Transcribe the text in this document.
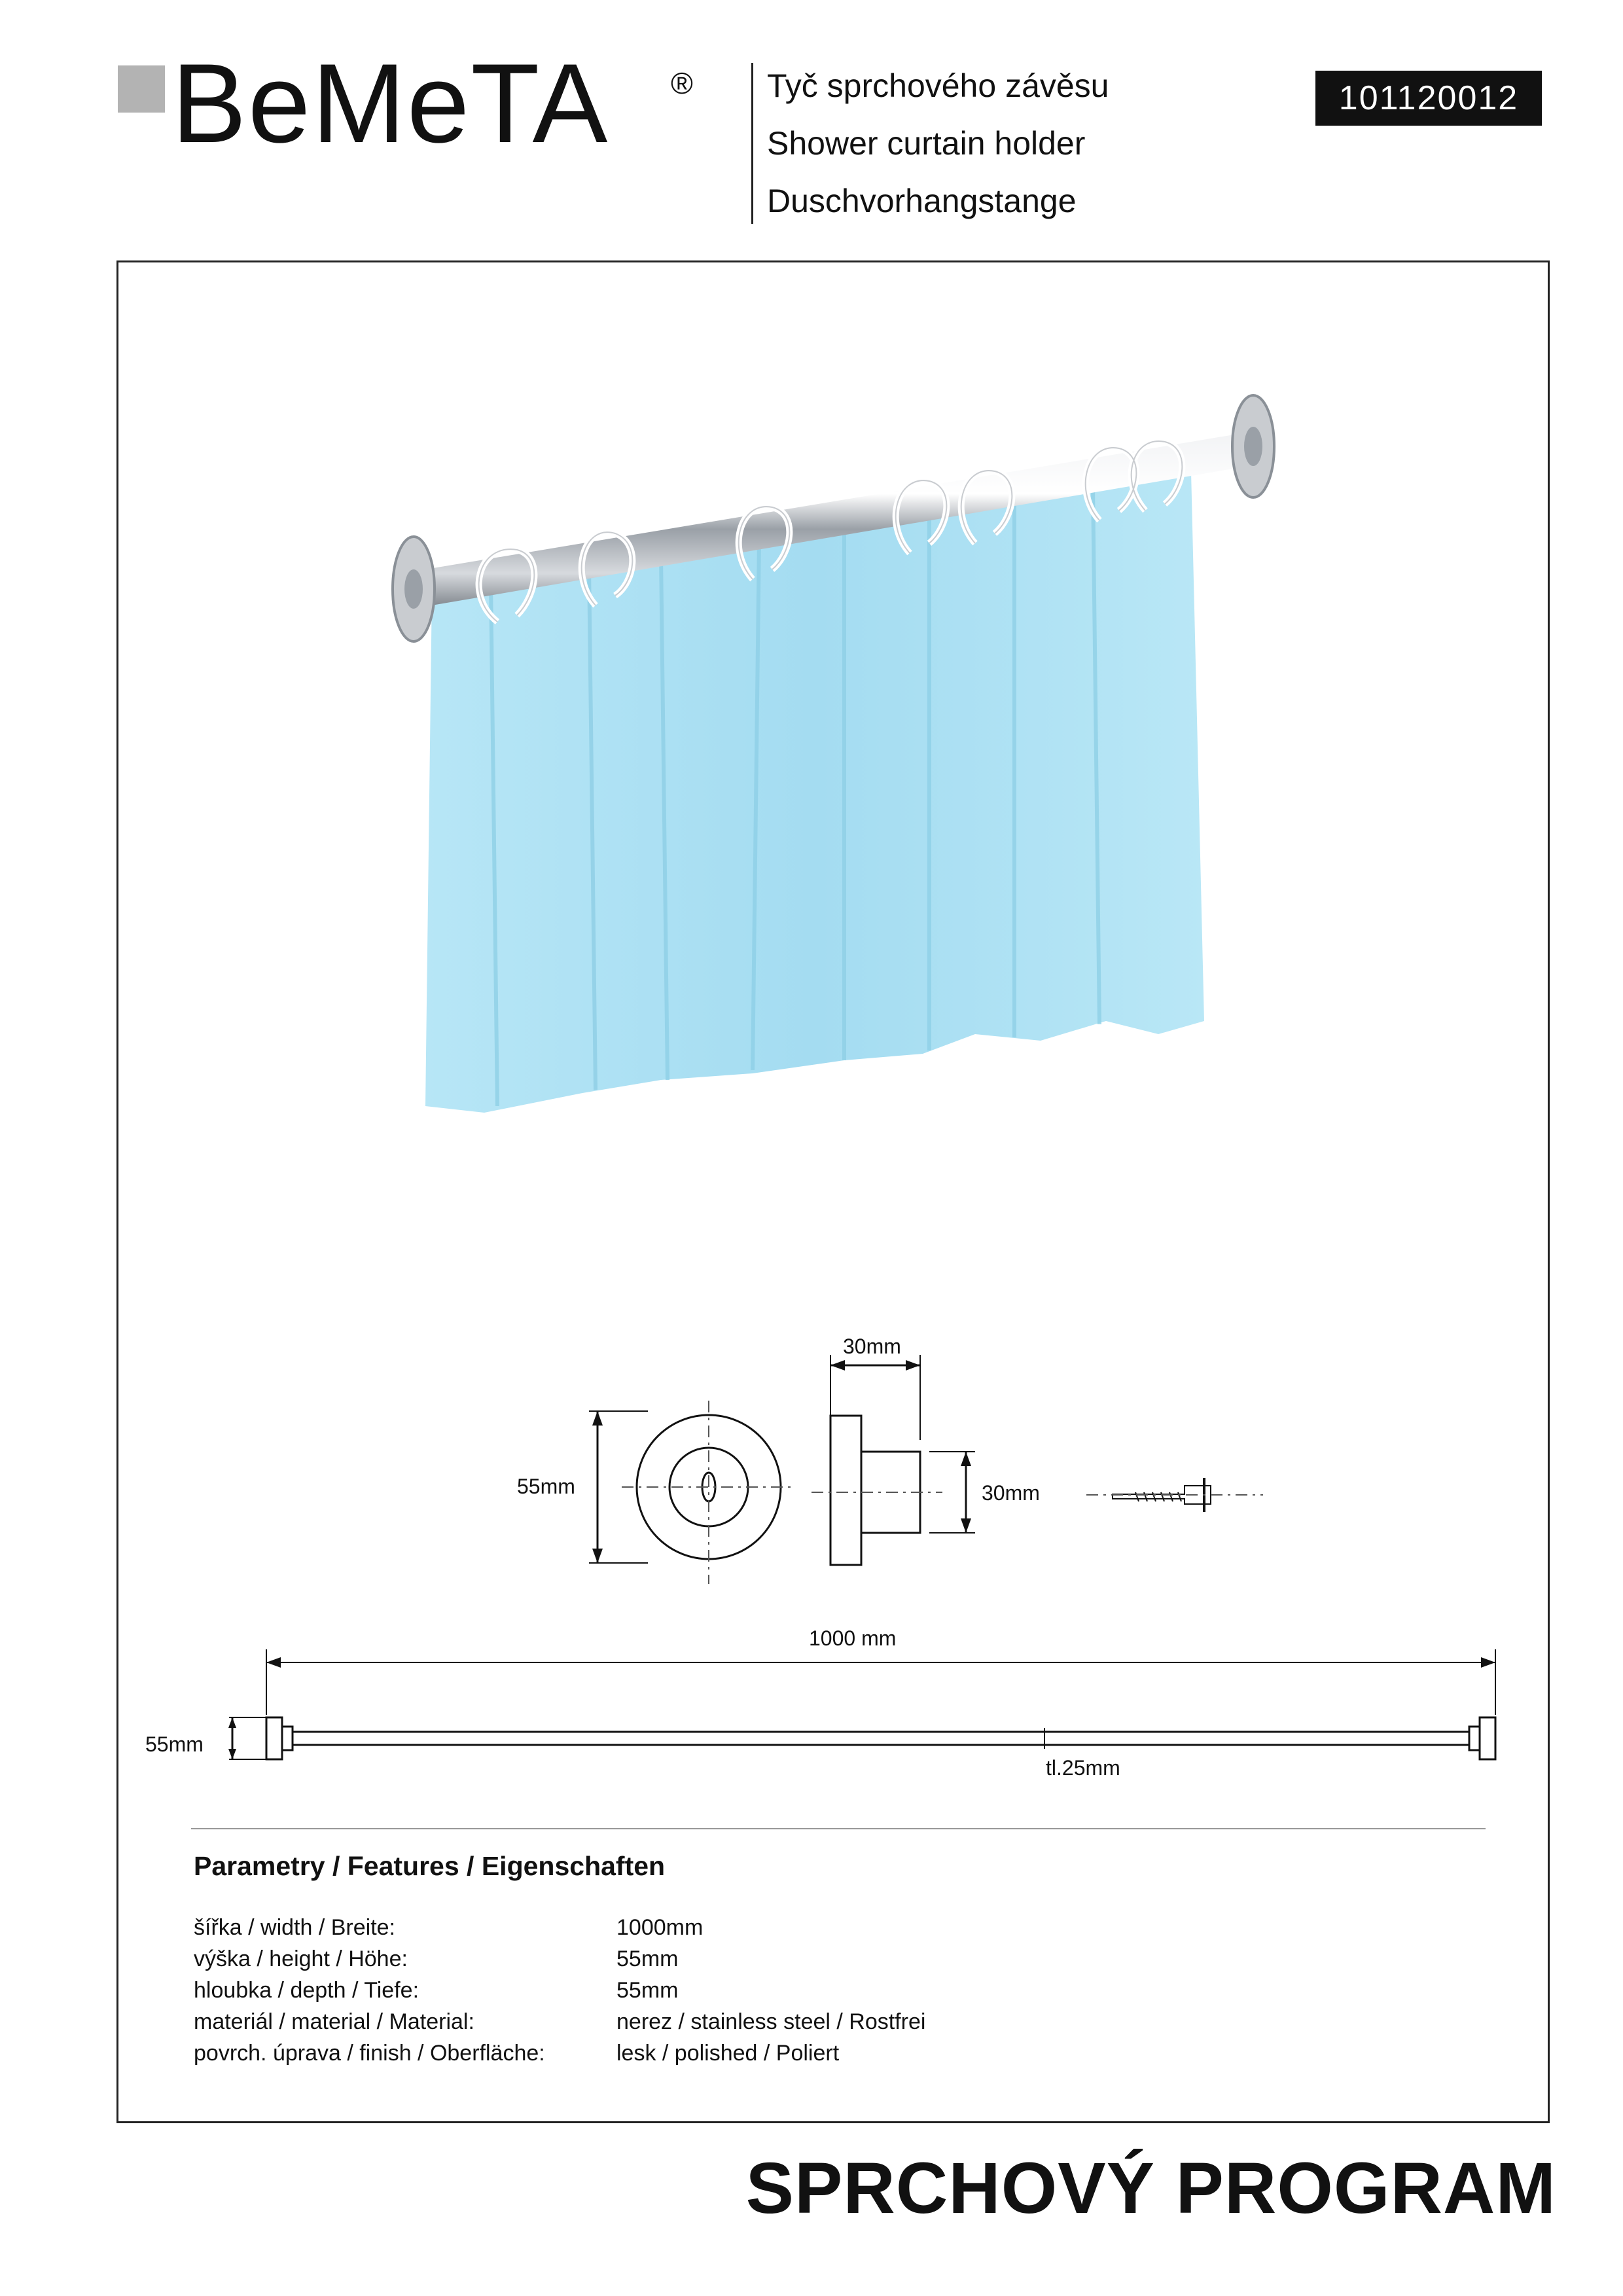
BeMeTA ® Tyč sprchového závěsu
Shower curtain holder
Duschvorhangstange
101120012
30mm
55mm	30mm
1000 mm
55mm
tl.25mm
Parametry / Features / Eigenschaften
šířka / width / Breite:	1000mm
výška / height / Höhe:	55mm
hloubka / depth / Tiefe:	55mm
materiál / material / Material:	nerez / stainless steel / Rostfrei
povrch. úprava / finish / Oberfläche:	lesk / polished / Poliert
SPRCHOVÝ PROGRAM
